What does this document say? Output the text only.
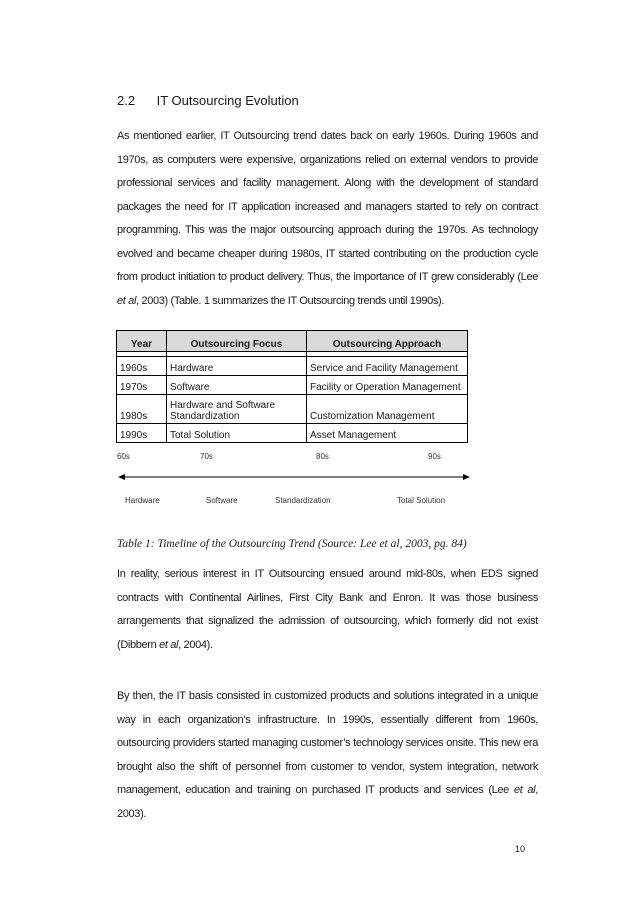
2.2 IT Outsourcing Evolution

As mentioned earlier, IT Outsourcing trend dates back on early 1960s. During 1960s and 1970s, as computers were expensive, organizations relied on external vendors to provide professional services and facility management. Along with the development of standard packages the need for IT application increased and managers started to rely on contract programming. This was the major outsourcing approach during the 1970s. As technology evolved and became cheaper during 1980s, IT started contributing on the production cycle from product initiation to product delivery. Thus, the importance of IT grew considerably (Lee et al, 2003) (Table. 1 summarizes the IT Outsourcing trends until 1990s).

Year	Outsourcing Focus	Outsourcing Approach

1960s	Hardware	Service and Facility Management
1970s	Software	Facility or Operation Management
1980s	Hardware and Software Standardization	Customization Management
1990s	Total Solution	Asset Management
60s	70s	80s	90s
Hardware	Software	Standardization	Total Solution
Table 1: Timeline of the Outsourcing Trend (Source: Lee et al, 2003, pg. 84)

In reality, serious interest in IT Outsourcing ensued around mid-80s, when EDS signed contracts with Continental Airlines, First City Bank and Enron. It was those business arrangements that signalized the admission of outsourcing, which formerly did not exist (Dibbern et al, 2004).

By then, the IT basis consisted in customized products and solutions integrated in a unique way in each organization’s infrastructure. In 1990s, essentially different from 1960s, outsourcing providers started managing customer’s technology services onsite. This new era brought also the shift of personnel from customer to vendor, system integration, network management, education and training on purchased IT products and services (Lee et al, 2003).

10
